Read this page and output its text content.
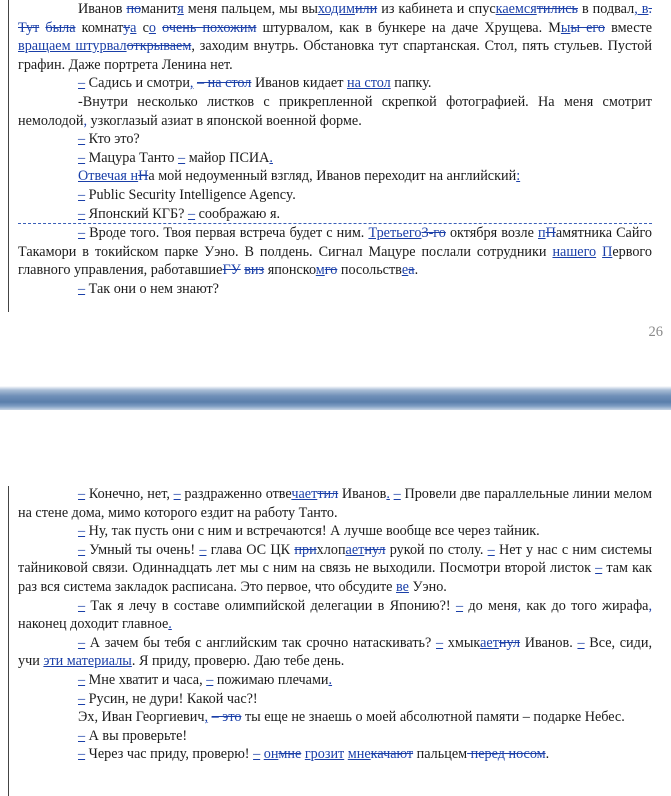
Иванов поманитя меня пальцем, мы выходимили из кабинета и спускаемсятились в подвал, в. Тут была комнатуа со очень похожим штурвалом, как в бункере на даче Хрущева. Мыы его вместе вращаем штурвалоткрываем, заходим внутрь. Обстановка тут спартанская. Стол, пять стульев. Пустой графин. Даже портрета Ленина нет.

– Садись и смотри, – на стол Иванов кидает на стол папку.

-Внутри несколько листков с прикрепленной скрепкой фотографией. На меня смотрит немолодой, узкоглазый азиат в японской военной форме.

– Кто это?

– Мацура Танто – майор ПСИА.

Отвечая нНа мой недоуменный взгляд, Иванов переходит на английский:

– Public Security Intelligence Agency.

– Японский КГБ? – соображаю я.

– Вроде того. Твоя первая встреча будет с ним. Третьего3-го октября возле пПамятника Сайго Такамори в токийском парке Уэно. В полдень. Сигнал Мацуре послали сотрудники нашего Первого главного управления, работавшиеГУ виз японскомго посольствеа.

– Так они о нем знают?

26

– Конечно, нет, – раздраженно отвечаеттил Иванов. – Провели две параллельные линии мелом на стене дома, мимо которого ездит на работу Танто.

– Ну, так пусть они с ним и встречаются! А лучше вообще все через тайник.

– Умный ты очень! – глава ОС ЦК прихлопаетнул рукой по столу. – Нет у нас с ним системы тайниковой связи. Одиннадцать лет мы с ним на связь не выходили. Посмотри второй листок – там как раз вся система закладок расписана. Это первое, что обсудите ве Уэно.

– Так я лечу в составе олимпийской делегации в Японию?! – до меня, как до того жирафа, наконец доходит главное.

– А зачем бы тебя с английским так срочно натаскивать? – хмыкаетнул Иванов. – Все, сиди, учи эти материалы. Я приду, проверю. Даю тебе день.

– Мне хватит и часа, – пожимаю плечами.

– Русин, не дури! Какой час?!

Эх, Иван Георгиевич, – это ты еще не знаешь о моей абсолютной памяти – подарке Небес.

– А вы проверьте!

– Через час приду, проверю! – онмне грозит мнекачают пальцем перед носом.
